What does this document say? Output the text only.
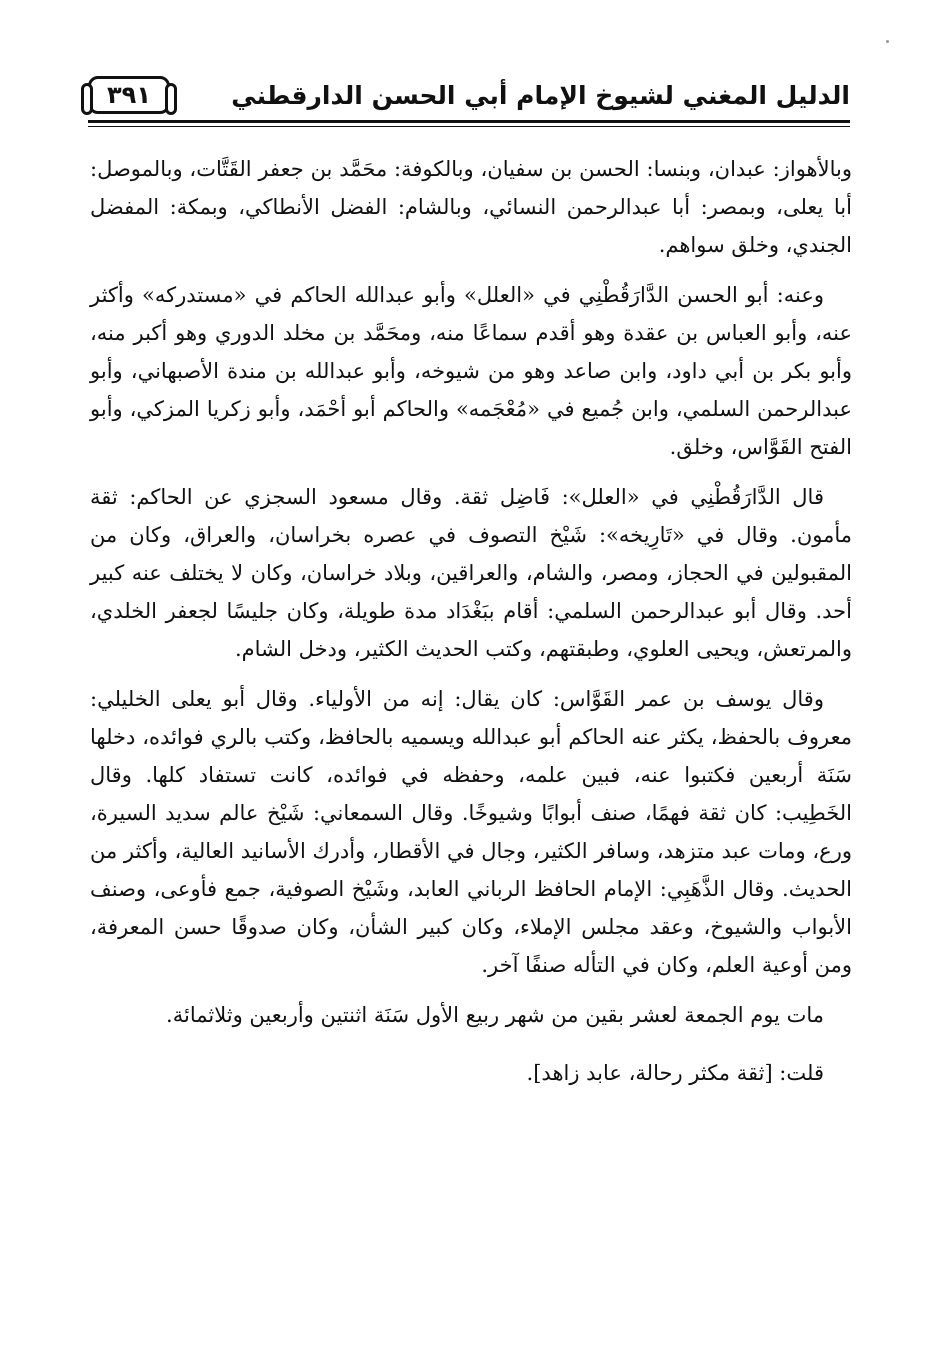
٣٩١	الدليل المغني لشيوخ الإمام أبي الحسن الدارقطني

وبالأهواز: عبدان، وبنسا: الحسن بن سفيان، وبالكوفة: محَمَّد بن جعفر القَتَّات، وبالموصل: أبا يعلى، وبمصر: أبا عبدالرحمن النسائي، وبالشام: الفضل الأنطاكي، وبمكة: المفضل الجندي، وخلق سواهم.

وعنه: أبو الحسن الدَّارَقُطْنِي في «العلل» وأبو عبدالله الحاكم في «مستدركه» وأكثر عنه، وأبو العباس بن عقدة وهو أقدم سماعًا منه، ومحَمَّد بن مخلد الدوري وهو أكبر منه، وأبو بكر بن أبي داود، وابن صاعد وهو من شيوخه، وأبو عبدالله بن مندة الأصبهاني، وأبو عبدالرحمن السلمي، وابن جُميع في «مُعْجَمه» والحاكم أبو أحْمَد، وأبو زكريا المزكي، وأبو الفتح القَوَّاس، وخلق.

قال الدَّارَقُطْنِي في «العلل»: فَاضِل ثقة. وقال مسعود السجزي عن الحاكم: ثقة مأمون. وقال في «تَارِيخه»: شَيْخ التصوف في عصره بخراسان، والعراق، وكان من المقبولين في الحجاز، ومصر، والشام، والعراقين، وبلاد خراسان، وكان لا يختلف عنه كبير أحد. وقال أبو عبدالرحمن السلمي: أقام ببَغْدَاد مدة طويلة، وكان جليسًا لجعفر الخلدي، والمرتعش، ويحيى العلوي، وطبقتهم، وكتب الحديث الكثير، ودخل الشام.

وقال يوسف بن عمر القَوَّاس: كان يقال: إنه من الأولياء. وقال أبو يعلى الخليلي: معروف بالحفظ، يكثر عنه الحاكم أبو عبدالله ويسميه بالحافظ، وكتب بالري فوائده، دخلها سَنَة أربعين فكتبوا عنه، فبين علمه، وحفظه في فوائده، كانت تستفاد كلها. وقال الخَطِيب: كان ثقة فهمًا، صنف أبوابًا وشيوخًا. وقال السمعاني: شَيْخ عالم سديد السيرة، ورع، ومات عبد متزهد، وسافر الكثير، وجال في الأقطار، وأدرك الأسانيد العالية، وأكثر من الحديث. وقال الذَّهَبِي: الإمام الحافظ الرباني العابد، وشَيْخ الصوفية، جمع فأوعى، وصنف الأبواب والشيوخ، وعقد مجلس الإملاء، وكان كبير الشأن، وكان صدوقًا حسن المعرفة، ومن أوعية العلم، وكان في التأله صنفًا آخر.

مات يوم الجمعة لعشر بقين من شهر ربيع الأول سَنَة اثنتين وأربعين وثلاثمائة.

قلت: [ثقة مكثر رحالة، عابد زاهد].
